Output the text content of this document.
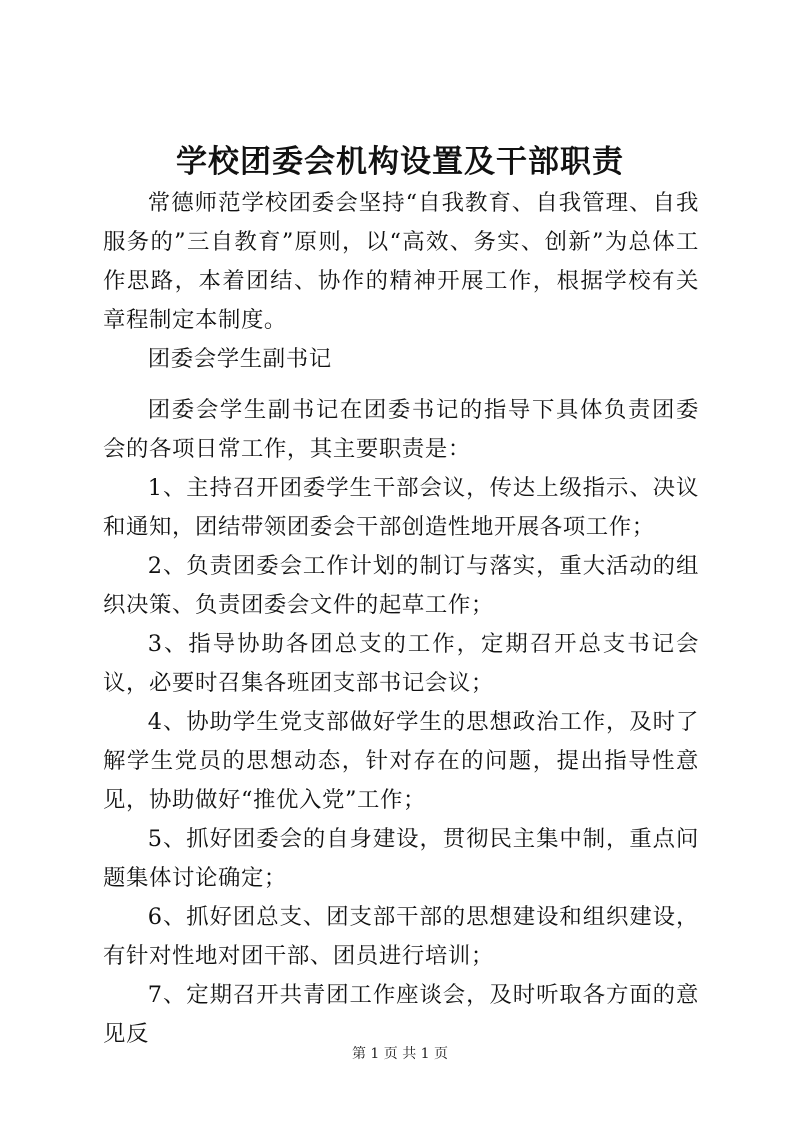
学校团委会机构设置及干部职责

常德师范学校团委会坚持“自我教育、自我管理、自我服务的”三自教育”原则，以“高效、务实、创新”为总体工作思路，本着团结、协作的精神开展工作，根据学校有关章程制定本制度。

团委会学生副书记

团委会学生副书记在团委书记的指导下具体负责团委会的各项日常工作，其主要职责是：

1、主持召开团委学生干部会议，传达上级指示、决议和通知，团结带领团委会干部创造性地开展各项工作；

2、负责团委会工作计划的制订与落实，重大活动的组织决策、负责团委会文件的起草工作；

3、指导协助各团总支的工作，定期召开总支书记会议，必要时召集各班团支部书记会议；

4、协助学生党支部做好学生的思想政治工作，及时了解学生党员的思想动态，针对存在的问题，提出指导性意见，协助做好“推优入党”工作；

5、抓好团委会的自身建设，贯彻民主集中制，重点问题集体讨论确定；

6、抓好团总支、团支部干部的思想建设和组织建设，有针对性地对团干部、团员进行培训；

7、定期召开共青团工作座谈会，及时听取各方面的意见反

第 1 页 共 1 页
